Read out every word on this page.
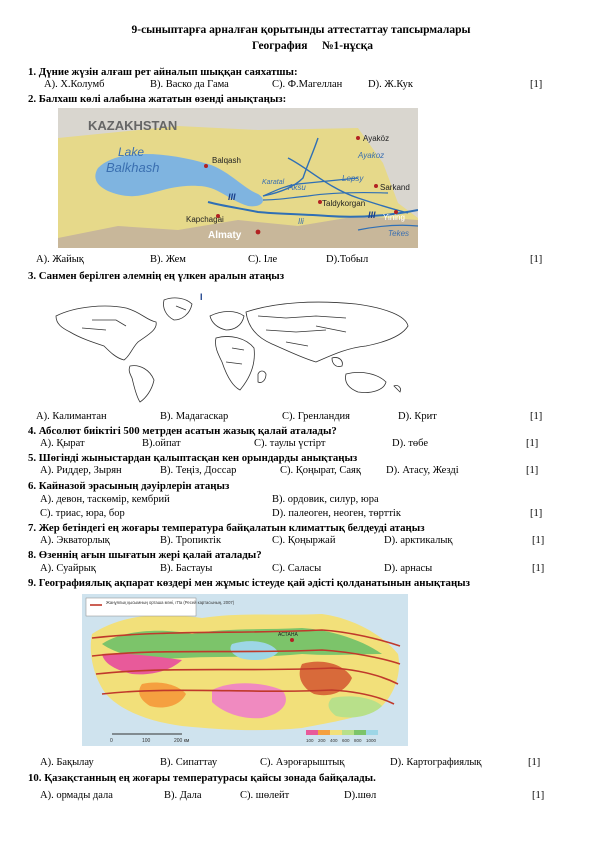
9-сыныптарға арналған қорытынды аттестаттау тапсырмалары
География №1-нұсқа
1. Дүние жүзін алғаш рет айналып шыққан саяхатшы:
А). Х.Колумб	В). Васко да Гама	С). Ф.Магеллан D). Ж.Кук	[1]
2. Балхаш көлі алабына жататын өзенді анықтаңыз:
KAZAKHSTAN
Lake
Balkhash	Balqash
Ayaköz
Ayakoz
Lepsy
Aksu
Karatal
Sarkand
Taldykorgan
Kapchagai
Almaty
Yining
Tekes
Ili
III
III
А). Жайық	В). Жем	С). Іле	D).Тобыл	[1]
3. Санмен берілген әлемнің ең үлкен аралын атаңыз
I
А). Калимантан	В). Мадагаскар	С). Гренландия	D). Крит	[1]
4. Абсолют биіктігі 500 метрден асатын жазық қалай аталады?
А). Қырат	В).ойпат	С). таулы үстірт	D). төбе	[1]
5. Шөгінді жыныстардан қалыптасқан кен орындарды анықтаңыз
А). Риддер, Зырян	В). Теңіз, Доссар	С). Қоңырат, Саяқ D). Атасу, Жезді	[1]
6. Кайназой эрасының дәуірлерін атаңыз
А). девон, таскөмір, кембрий	В). ордовик, силур, юра
С). триас, юра, бор	D). палеоген, неоген, төрттік	[1]
7. Жер бетіндегі ең жоғары температура байқалатын климаттық белдеуді атаңыз
А). Экваторлық	В). Тропиктік	С). Қоңыржай	D). арктикалық	[1]
8. Өзеннің ағын шығатын жері қалай аталады?
А). Суайрық	В). Бастауы	С). Саласы	D). арнасы	[1]
9. Географиялық ақпарат көздері мен жұмыс істеуде қай әдісті қолданатынын анықтаңыз
Жанұялық қысымның орташа мәні, гПа (Ресей картасының, 2007)
АСТАНА
0	100	200 км	100 200 400 600 800 1000
А). Бақылау	В). Сипаттау	С). Аэроғарыштық	D). Картографиялық	[1]
10. Қазақстанның ең жоғары температурасы қайсы зонада байқалады.
А). ормады дала	В). Дала	С). шөлейт	D).шөл	[1]
